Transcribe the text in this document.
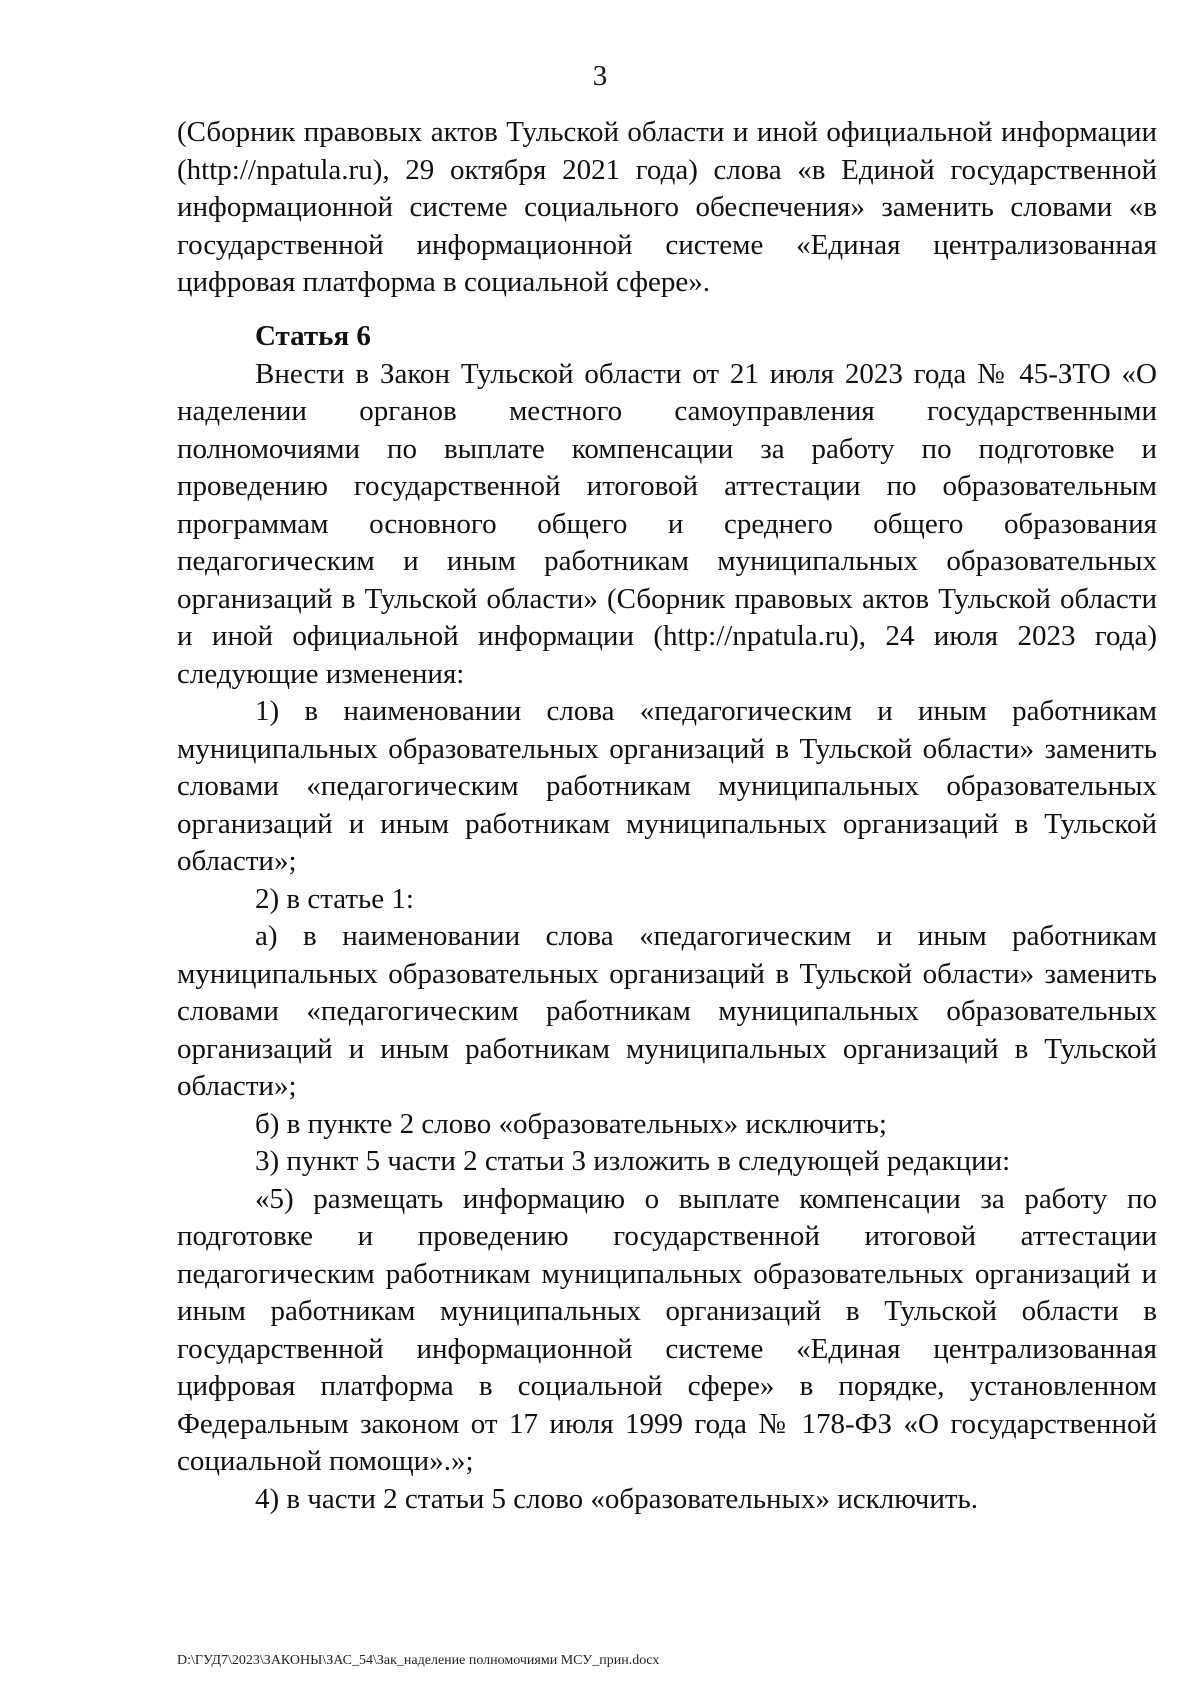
3

(Сборник правовых актов Тульской области и иной официальной информации (http://npatula.ru), 29 октября 2021 года) слова «в Единой государственной информационной системе социального обеспечения» заменить словами «в государственной информационной системе «Единая централизованная цифровая платформа в социальной сфере».

Статья 6

Внести в Закон Тульской области от 21 июля 2023 года № 45-ЗТО «О наделении органов местного самоуправления государственными полномочиями по выплате компенсации за работу по подготовке и проведению государственной итоговой аттестации по образовательным программам основного общего и среднего общего образования педагогическим и иным работникам муниципальных образовательных организаций в Тульской области» (Сборник правовых актов Тульской области и иной официальной информации (http://npatula.ru), 24 июля 2023 года) следующие изменения:

1) в наименовании слова «педагогическим и иным работникам муниципальных образовательных организаций в Тульской области» заменить словами «педагогическим работникам муниципальных образовательных организаций и иным работникам муниципальных организаций в Тульской области»;

2) в статье 1:

а) в наименовании слова «педагогическим и иным работникам муниципальных образовательных организаций в Тульской области» заменить словами «педагогическим работникам муниципальных образовательных организаций и иным работникам муниципальных организаций в Тульской области»;

б) в пункте 2 слово «образовательных» исключить;

3) пункт 5 части 2 статьи 3 изложить в следующей редакции:

«5) размещать информацию о выплате компенсации за работу по подготовке и проведению государственной итоговой аттестации педагогическим работникам муниципальных образовательных организаций и иным работникам муниципальных организаций в Тульской области в государственной информационной системе «Единая централизованная цифровая платформа в социальной сфере» в порядке, установленном Федеральным законом от 17 июля 1999 года № 178-ФЗ «О государственной социальной помощи».»;

4) в части 2 статьи 5 слово «образовательных» исключить.

D:\ГУД7\2023\ЗАКОНЫ\ЗАС_54\Зак_наделение полномочиями МСУ_прин.docx
